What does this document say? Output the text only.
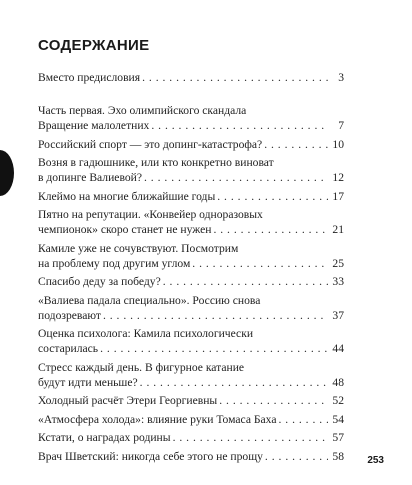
СОДЕРЖАНИЕ
Вместо предисловия . . .	3
Часть первая. Эхо олимпийского скандала
Вращение малолетних . . .	7
Российский спорт — это допинг-катастрофа? . . .	10
Возня в гадюшнике, или кто конкретно виноват
в допинге Валиевой? . . .	12
Клеймо на многие ближайшие годы . . .	17
Пятно на репутации. «Конвейер одноразовых
чемпионок» скоро станет не нужен . . .	21
Камиле уже не сочувствуют. Посмотрим
на проблему под другим углом . . .	25
Спасибо деду за победу? . . .	33
«Валиева падала специально». Россию снова
подозревают . . .	37
Оценка психолога: Камила психологически
состарилась . . .	44
Стресс каждый день. В фигурное катание
будут идти меньше? . . .	48
Холодный расчёт Этери Георгиевны . . .	52
«Атмосфера холода»: влияние руки Томаса Баха . . .	54
Кстати, о наградах родины . . .	57
Врач Шветский: никогда себе этого не прощу . . .	58 253
